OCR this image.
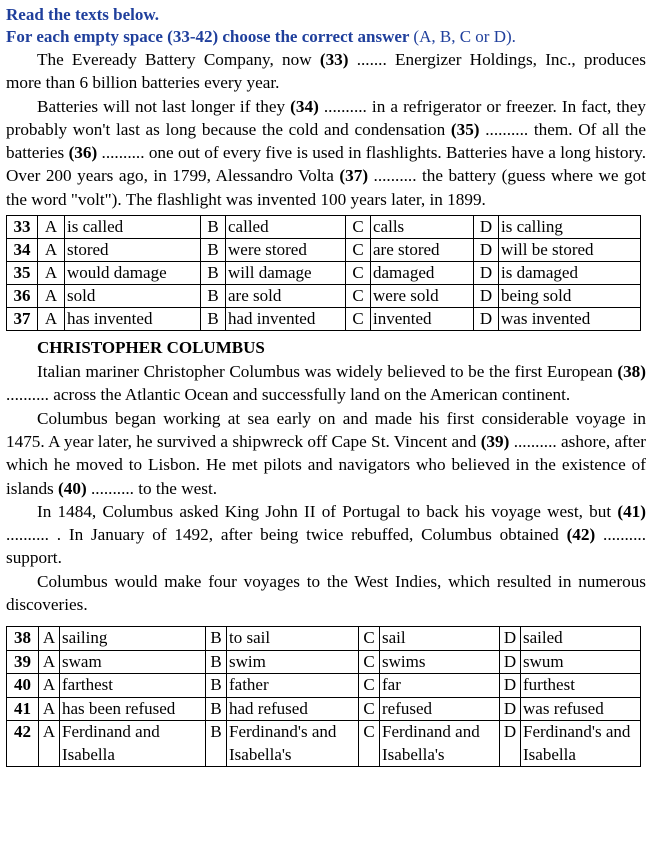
Read the texts below.

For each empty space (33-42) choose the correct answer (A, B, C or D).

The Eveready Battery Company, now (33) ....... Energizer Holdings, Inc., produces more than 6 billion batteries every year.

Batteries will not last longer if they (34) .......... in a refrigerator or freezer. In fact, they probably won't last as long because the cold and condensation (35) .......... them. Of all the batteries (36) .......... one out of every five is used in flashlights. Batteries have a long history. Over 200 years ago, in 1799, Alessandro Volta (37) .......... the battery (guess where we got the word "volt"). The flashlight was invented 100 years later, in 1899.

33	A	is called	B	called	C	calls	D	is calling
34	A	stored	B	were stored	C	are stored	D	will be stored
35	A	would damage	B	will damage	C	damaged	D	is damaged
36	A	sold	B	are sold	C	were sold	D	being sold
37	A	has invented	B	had invented	C	invented	D	was invented
CHRISTOPHER COLUMBUS

Italian mariner Christopher Columbus was widely believed to be the first European (38) .......... across the Atlantic Ocean and successfully land on the American continent.

Columbus began working at sea early on and made his first considerable voyage in 1475. A year later, he survived a shipwreck off Cape St. Vincent and (39) .......... ashore, after which he moved to Lisbon. He met pilots and navigators who believed in the existence of islands (40) .......... to the west.

In 1484, Columbus asked King John II of Portugal to back his voyage west, but (41) .......... . In January of 1492, after being twice rebuffed, Columbus obtained (42) .......... support.

Columbus would make four voyages to the West Indies, which resulted in numerous discoveries.

38	A	sailing	B	to sail	C	sail	D	sailed
39	A	swam	B	swim	C	swims	D	swum
40	A	farthest	B	father	C	far	D	furthest
41	A	has been refused	B	had refused	C	refused	D	was refused
42	A	Ferdinand and Isabella	B	Ferdinand's and Isabella's	C	Ferdinand and Isabella's	D	Ferdinand's and Isabella
